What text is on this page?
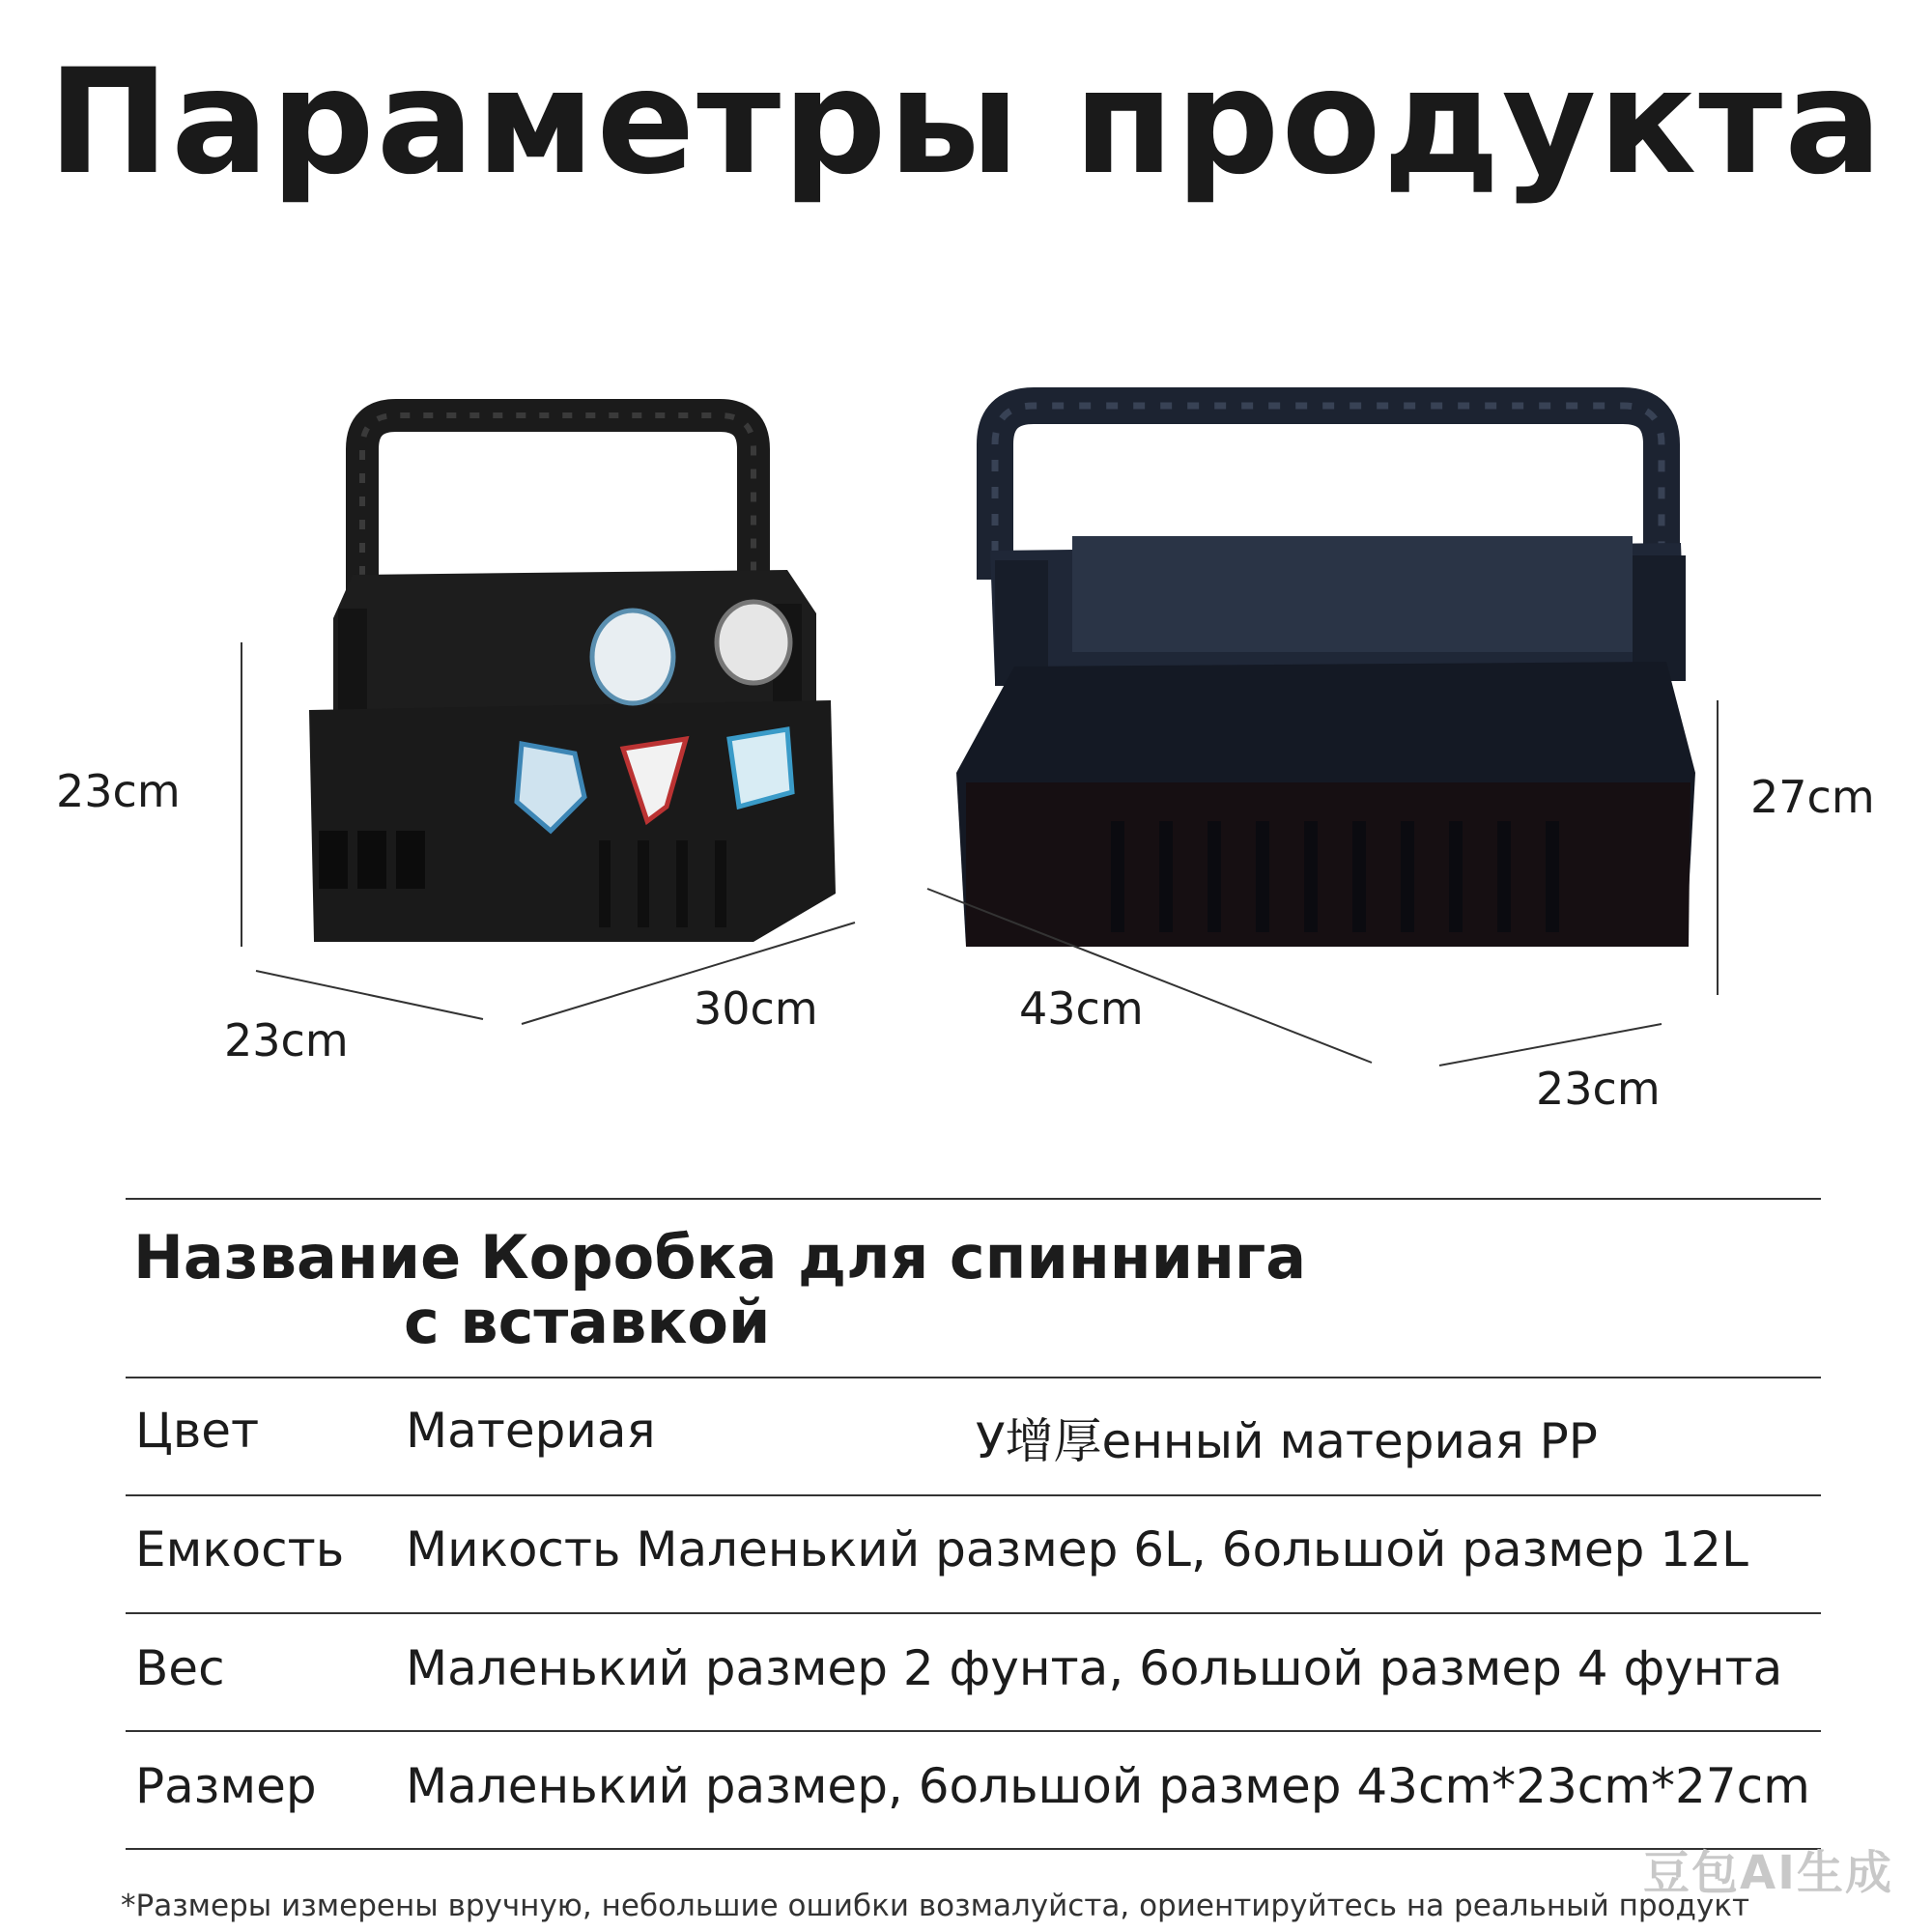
Параметры продукта
23cm
23cm
30cm	43cm
23cm
27cm
Название Коробка для спиннинга
с вставкой
Цвет	Материая	У增厚енный материая PP
Емкость Микость Маленький размер 6L, 6ольшой размер 12L
Вес	Маленький размер 2 фунта, 6ольшой размер 4 фунта
Размер Маленький размер, 6ольшой размер 43cm*23cm*27cm
豆包AI生成
*Размеры измерены вручную, небольшие ошибки возмалуйста, ориентируйтесь на реальный продукт
